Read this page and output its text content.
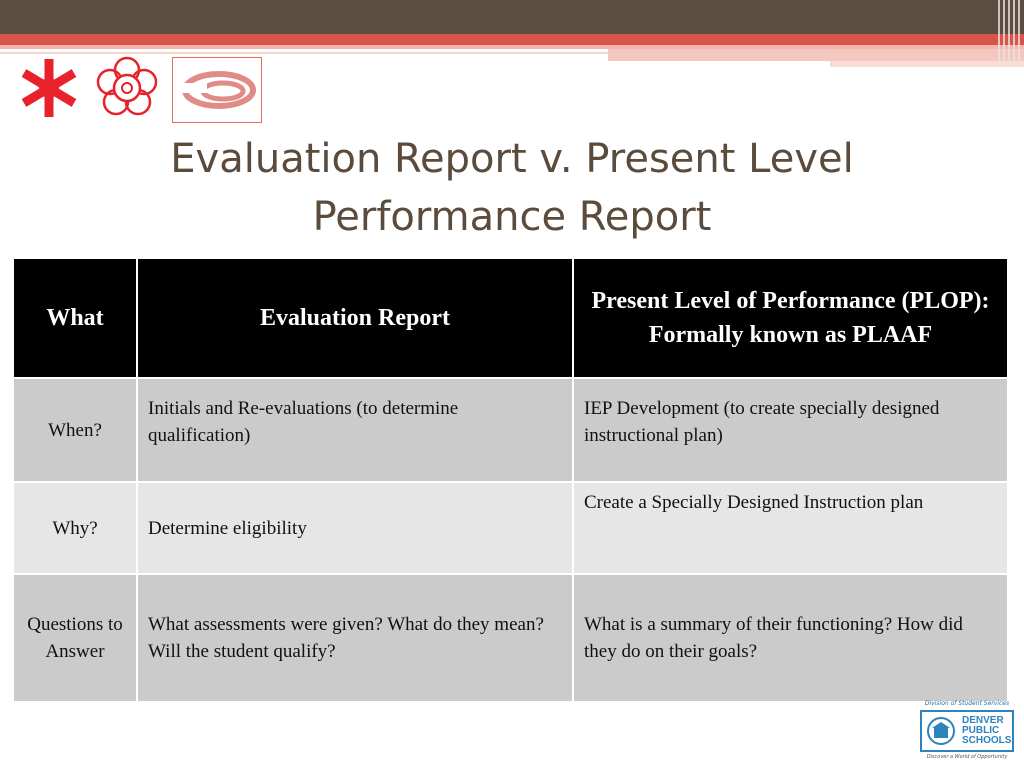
Evaluation Report v. Present Level
Performance Report
What	Evaluation Report	Present Level of Performance (PLOP): Formally known as PLAAF
When?	Initials and Re-evaluations (to determine qualification)	IEP Development (to create specially designed instructional plan)
Why?	Determine eligibility	Create a Specially Designed Instruction plan
Questions to Answer	What assessments were given? What do they mean? Will the student qualify?	What is a summary of their functioning? How did they do on their goals?
Division of Student Services
DENVER
PUBLIC
SCHOOLS
Discover a World of Opportunity
